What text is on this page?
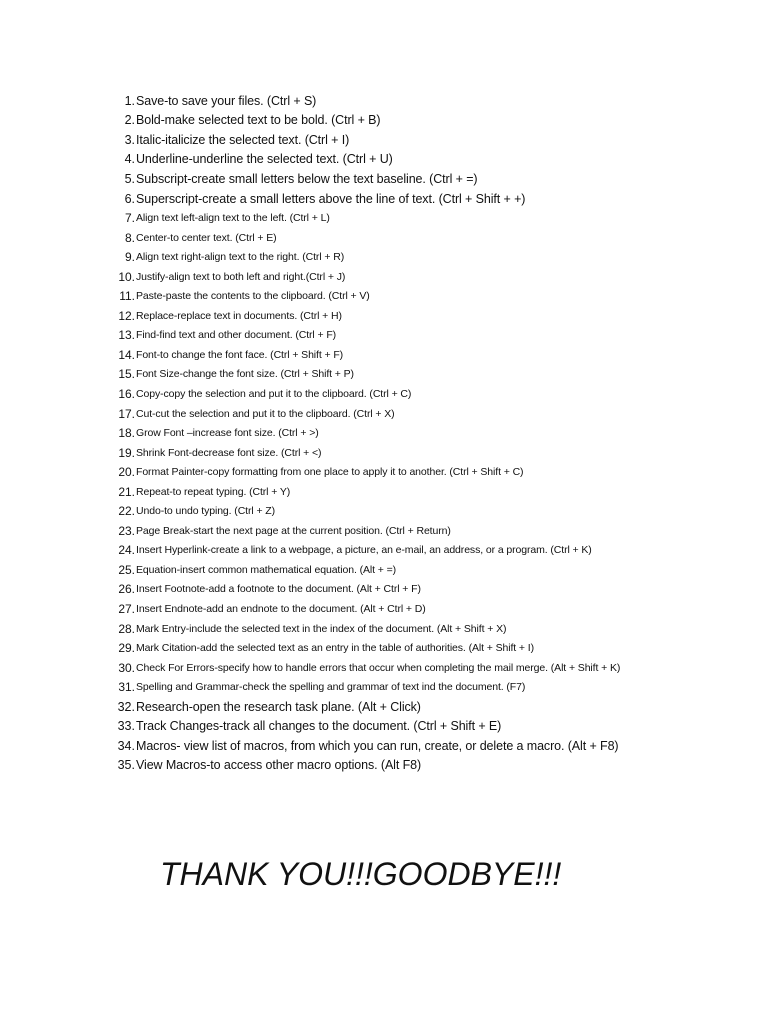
1. Save-to save your files. (Ctrl + S)
2. Bold-make selected text to be bold. (Ctrl + B)
3. Italic-italicize the selected text. (Ctrl + I)
4. Underline-underline the selected text. (Ctrl + U)
5. Subscript-create small letters below the text baseline. (Ctrl + =)
6. Superscript-create a small letters above the line of text. (Ctrl + Shift + +)
7. Align text left-align text to the left. (Ctrl + L)
8. Center-to center text. (Ctrl + E)
9. Align text right-align text to the right. (Ctrl + R)
10. Justify-align text to both left and right.(Ctrl + J)
11. Paste-paste the contents to the clipboard. (Ctrl + V)
12. Replace-replace text in documents. (Ctrl + H)
13. Find-find text and other document. (Ctrl + F)
14. Font-to change the font face. (Ctrl + Shift + F)
15. Font Size-change the font size. (Ctrl + Shift + P)
16. Copy-copy the selection and put it to the clipboard. (Ctrl + C)
17. Cut-cut the selection and put it to the clipboard. (Ctrl + X)
18. Grow Font –increase font size. (Ctrl + >)
19. Shrink Font-decrease font size. (Ctrl + <)
20. Format Painter-copy formatting from one place to apply it to another. (Ctrl + Shift + C)
21. Repeat-to repeat typing. (Ctrl + Y)
22. Undo-to undo typing. (Ctrl + Z)
23. Page Break-start the next page at the current position. (Ctrl + Return)
24. Insert Hyperlink-create a link to a webpage, a picture, an e-mail, an address, or a program. (Ctrl + K)
25. Equation-insert common mathematical equation. (Alt + =)
26. Insert Footnote-add a footnote to the document. (Alt + Ctrl + F)
27. Insert Endnote-add an endnote to the document. (Alt + Ctrl + D)
28. Mark Entry-include the selected text in the index of the document. (Alt + Shift + X)
29. Mark Citation-add the selected text as an entry in the table of authorities. (Alt + Shift + I)
30. Check For Errors-specify how to handle errors that occur when completing the mail merge. (Alt + Shift + K)
31. Spelling and Grammar-check the spelling and grammar of text ind the document. (F7)
32. Research-open the research task plane. (Alt + Click)
33. Track Changes-track all changes to the document. (Ctrl + Shift + E)
34. Macros- view list of macros, from which you can run, create, or delete a macro. (Alt + F8)
35. View Macros-to access other macro options. (Alt F8)
THANK YOU!!!GOODBYE!!!
